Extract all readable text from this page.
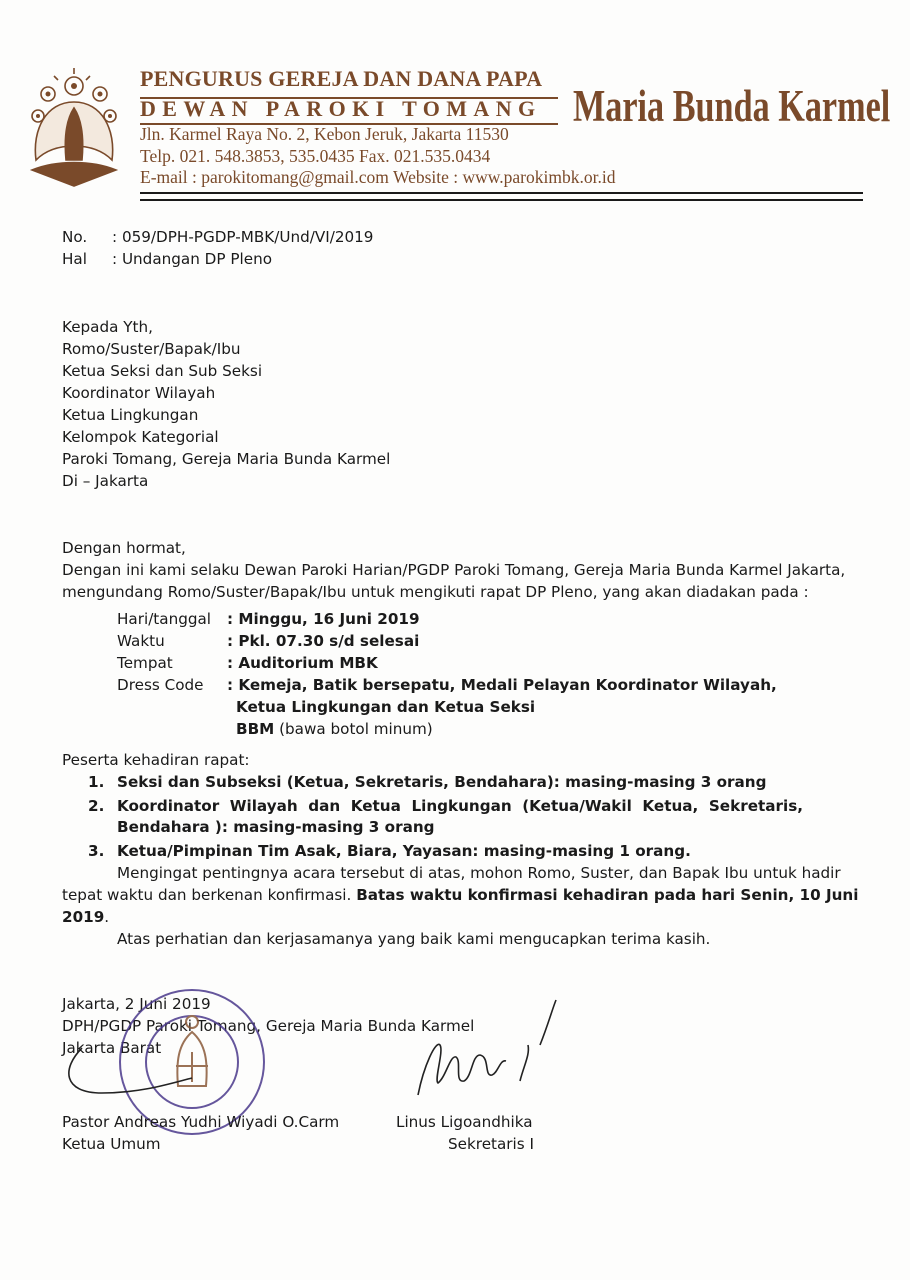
PENGURUS GEREJA DAN DANA PAPA
DEWAN PAROKI TOMANG
Jln. Karmel Raya No. 2, Kebon Jeruk, Jakarta 11530
Telp. 021. 548.3853, 535.0435 Fax. 021.535.0434
E-mail : parokitomang@gmail.com Website : www.parokimbk.or.id
Maria Bunda Karmel
No. : 059/DPH-PGDP-MBK/Und/VI/2019
Hal : Undangan DP Pleno
Kepada Yth,
Romo/Suster/Bapak/Ibu
Ketua Seksi dan Sub Seksi
Koordinator Wilayah
Ketua Lingkungan
Kelompok Kategorial
Paroki Tomang, Gereja Maria Bunda Karmel
Di – Jakarta
Dengan hormat,
Dengan ini kami selaku Dewan Paroki Harian/PGDP Paroki Tomang, Gereja Maria Bunda Karmel Jakarta,
mengundang Romo/Suster/Bapak/Ibu untuk mengikuti rapat DP Pleno, yang akan diadakan pada :
Hari/tanggal : Minggu, 16 Juni 2019
Waktu	: Pkl. 07.30 s/d selesai
Tempat	: Auditorium MBK
Dress Code : Kemeja, Batik bersepatu, Medali Pelayan Koordinator Wilayah,
Ketua Lingkungan dan Ketua Seksi
BBM (bawa botol minum)
Peserta kehadiran rapat:
1. Seksi dan Subseksi (Ketua, Sekretaris, Bendahara): masing-masing 3 orang
2. Koordinator  Wilayah  dan  Ketua  Lingkungan  (Ketua/Wakil  Ketua,  Sekretaris,
Bendahara ): masing-masing 3 orang
3. Ketua/Pimpinan Tim Asak, Biara, Yayasan: masing-masing 1 orang.
Mengingat pentingnya acara tersebut di atas, mohon Romo, Suster, dan Bapak Ibu untuk hadir
tepat waktu dan berkenan konfirmasi. Batas waktu konfirmasi kehadiran pada hari Senin, 10 Juni
2019.
Atas perhatian dan kerjasamanya yang baik kami mengucapkan terima kasih.
Jakarta, 2 Juni 2019
DPH/PGDP Paroki Tomang, Gereja Maria Bunda Karmel
Jakarta Barat
Pastor Andreas Yudhi Wiyadi O.Carm
Ketua Umum
Linus Ligoandhika
Sekretaris I
